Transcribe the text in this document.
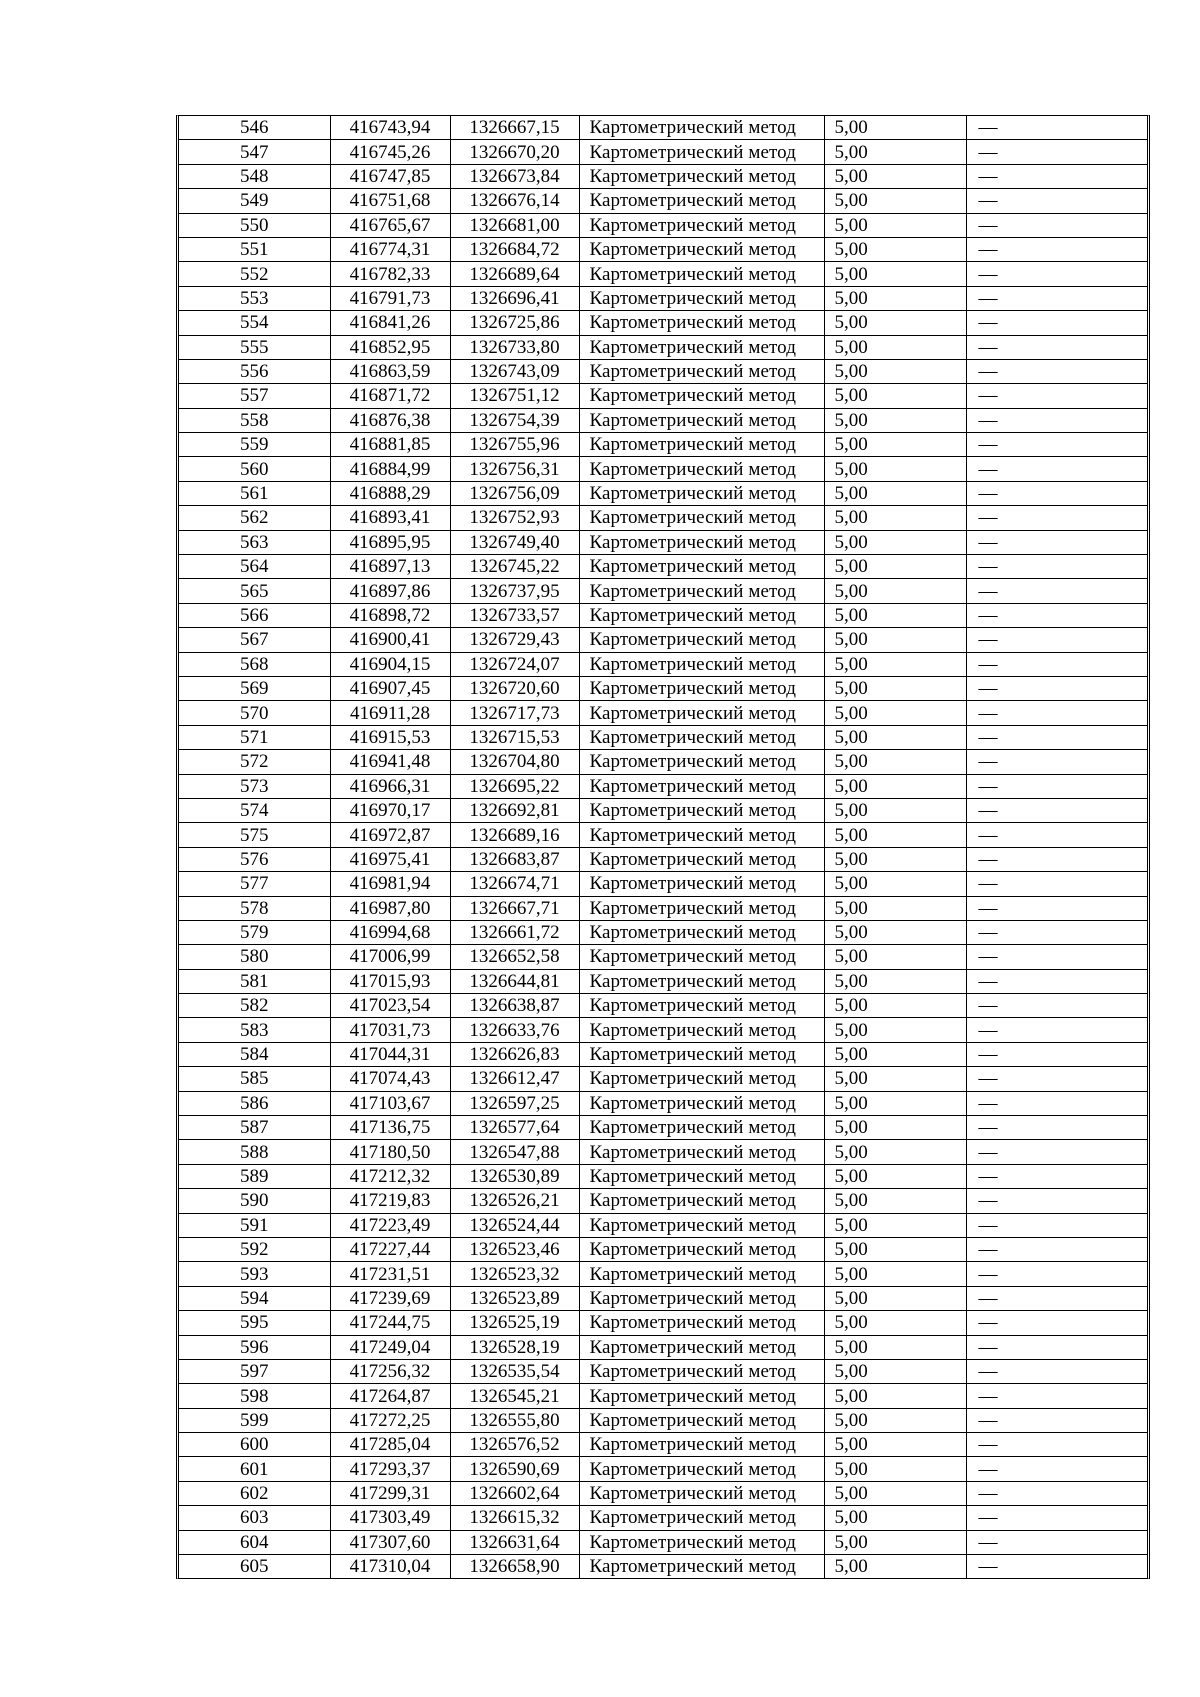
546	416743,94	1326667,15	Картометрический метод	5,00	—
547	416745,26	1326670,20	Картометрический метод	5,00	—
548	416747,85	1326673,84	Картометрический метод	5,00	—
549	416751,68	1326676,14	Картометрический метод	5,00	—
550	416765,67	1326681,00	Картометрический метод	5,00	—
551	416774,31	1326684,72	Картометрический метод	5,00	—
552	416782,33	1326689,64	Картометрический метод	5,00	—
553	416791,73	1326696,41	Картометрический метод	5,00	—
554	416841,26	1326725,86	Картометрический метод	5,00	—
555	416852,95	1326733,80	Картометрический метод	5,00	—
556	416863,59	1326743,09	Картометрический метод	5,00	—
557	416871,72	1326751,12	Картометрический метод	5,00	—
558	416876,38	1326754,39	Картометрический метод	5,00	—
559	416881,85	1326755,96	Картометрический метод	5,00	—
560	416884,99	1326756,31	Картометрический метод	5,00	—
561	416888,29	1326756,09	Картометрический метод	5,00	—
562	416893,41	1326752,93	Картометрический метод	5,00	—
563	416895,95	1326749,40	Картометрический метод	5,00	—
564	416897,13	1326745,22	Картометрический метод	5,00	—
565	416897,86	1326737,95	Картометрический метод	5,00	—
566	416898,72	1326733,57	Картометрический метод	5,00	—
567	416900,41	1326729,43	Картометрический метод	5,00	—
568	416904,15	1326724,07	Картометрический метод	5,00	—
569	416907,45	1326720,60	Картометрический метод	5,00	—
570	416911,28	1326717,73	Картометрический метод	5,00	—
571	416915,53	1326715,53	Картометрический метод	5,00	—
572	416941,48	1326704,80	Картометрический метод	5,00	—
573	416966,31	1326695,22	Картометрический метод	5,00	—
574	416970,17	1326692,81	Картометрический метод	5,00	—
575	416972,87	1326689,16	Картометрический метод	5,00	—
576	416975,41	1326683,87	Картометрический метод	5,00	—
577	416981,94	1326674,71	Картометрический метод	5,00	—
578	416987,80	1326667,71	Картометрический метод	5,00	—
579	416994,68	1326661,72	Картометрический метод	5,00	—
580	417006,99	1326652,58	Картометрический метод	5,00	—
581	417015,93	1326644,81	Картометрический метод	5,00	—
582	417023,54	1326638,87	Картометрический метод	5,00	—
583	417031,73	1326633,76	Картометрический метод	5,00	—
584	417044,31	1326626,83	Картометрический метод	5,00	—
585	417074,43	1326612,47	Картометрический метод	5,00	—
586	417103,67	1326597,25	Картометрический метод	5,00	—
587	417136,75	1326577,64	Картометрический метод	5,00	—
588	417180,50	1326547,88	Картометрический метод	5,00	—
589	417212,32	1326530,89	Картометрический метод	5,00	—
590	417219,83	1326526,21	Картометрический метод	5,00	—
591	417223,49	1326524,44	Картометрический метод	5,00	—
592	417227,44	1326523,46	Картометрический метод	5,00	—
593	417231,51	1326523,32	Картометрический метод	5,00	—
594	417239,69	1326523,89	Картометрический метод	5,00	—
595	417244,75	1326525,19	Картометрический метод	5,00	—
596	417249,04	1326528,19	Картометрический метод	5,00	—
597	417256,32	1326535,54	Картометрический метод	5,00	—
598	417264,87	1326545,21	Картометрический метод	5,00	—
599	417272,25	1326555,80	Картометрический метод	5,00	—
600	417285,04	1326576,52	Картометрический метод	5,00	—
601	417293,37	1326590,69	Картометрический метод	5,00	—
602	417299,31	1326602,64	Картометрический метод	5,00	—
603	417303,49	1326615,32	Картометрический метод	5,00	—
604	417307,60	1326631,64	Картометрический метод	5,00	—
605	417310,04	1326658,90	Картометрический метод	5,00	—
